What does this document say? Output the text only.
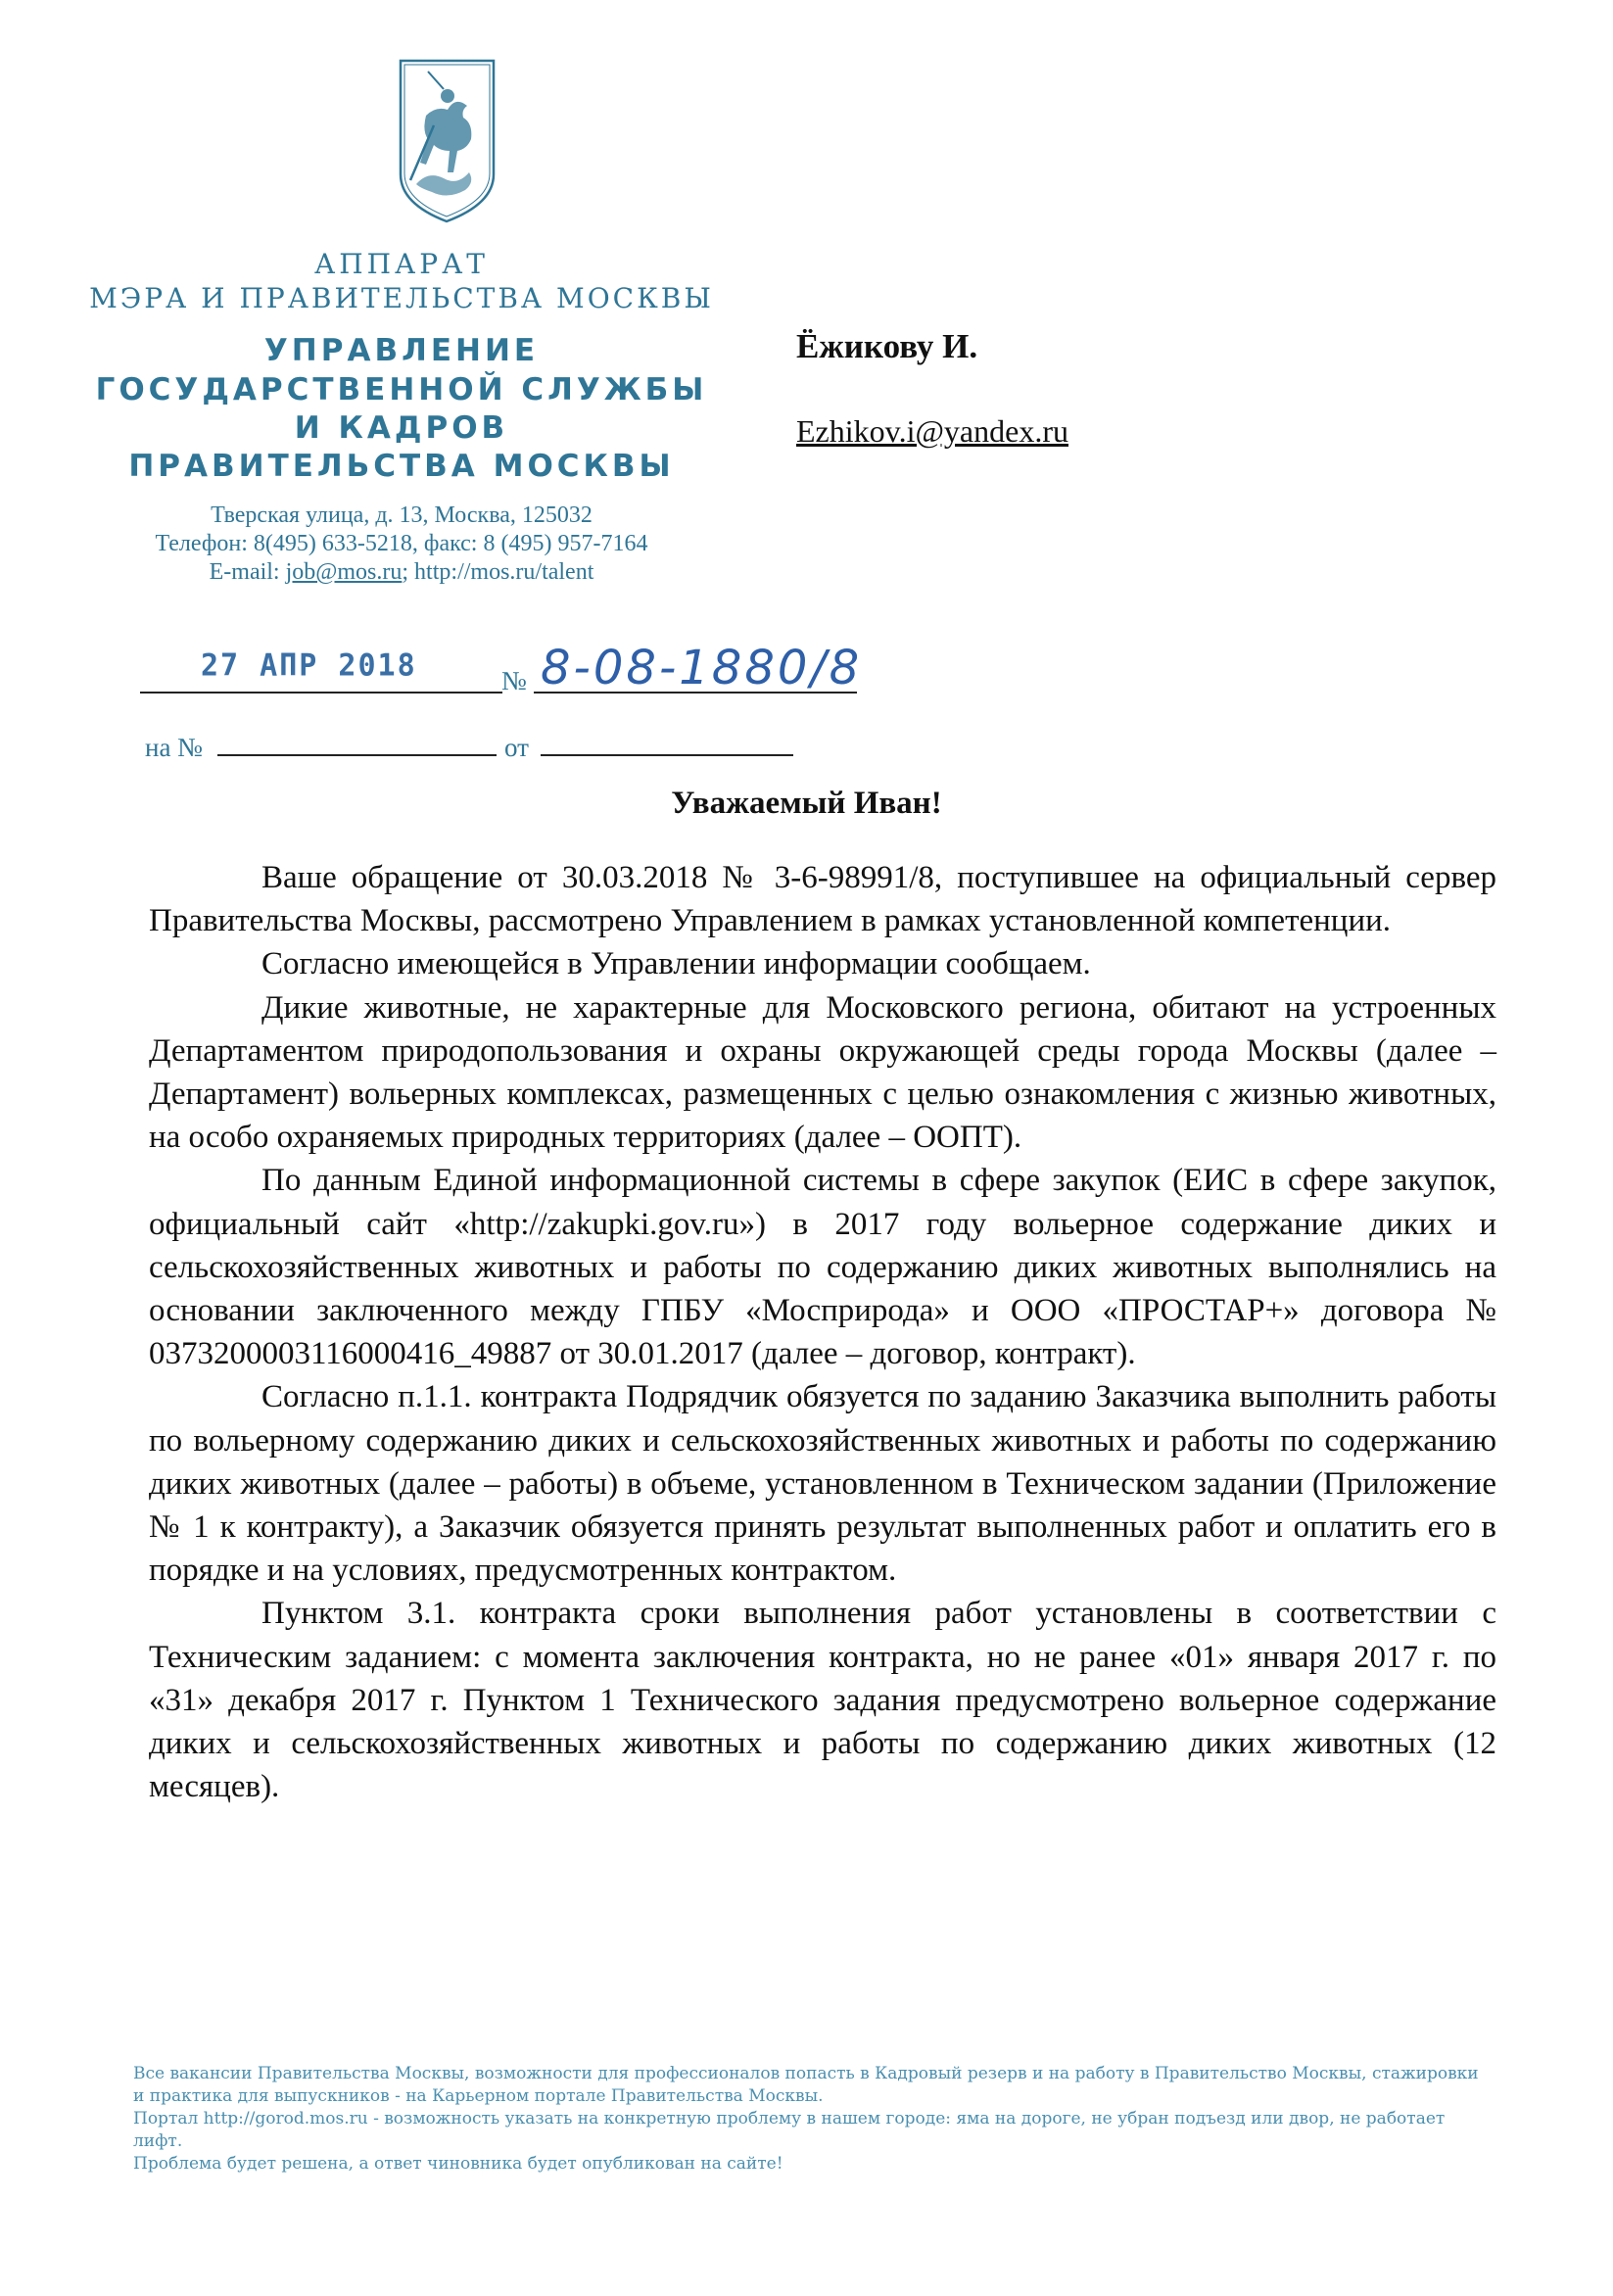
АППАРАТ
МЭРА И ПРАВИТЕЛЬСТВА МОСКВЫ
УПРАВЛЕНИЕ
ГОСУДАРСТВЕННОЙ СЛУЖБЫ
И КАДРОВ
ПРАВИТЕЛЬСТВА МОСКВЫ
Тверская улица, д. 13, Москва, 125032
Телефон: 8(495) 633-5218, факс: 8 (495) 957-7164
E-mail: job@mos.ru; http://mos.ru/talent
Ёжикову И.
Ezhikov.i@yandex.ru
27 АПР 2018	№ 8-08-1880/8
на №	от
Уважаемый Иван!

Ваше обращение от 30.03.2018 № 3-6-98991/8, поступившее на официальный сервер Правительства Москвы, рассмотрено Управлением в рамках установленной компетенции.

Согласно имеющейся в Управлении информации сообщаем.

Дикие животные, не характерные для Московского региона, обитают на устроенных Департаментом природопользования и охраны окружающей среды города Москвы (далее – Департамент) вольерных комплексах, размещенных с целью ознакомления с жизнью животных, на особо охраняемых природных территориях (далее – ООПТ).

По данным Единой информационной системы в сфере закупок (ЕИС в сфере закупок, официальный сайт «http://zakupki.gov.ru») в 2017 году вольерное содержание диких и сельскохозяйственных животных и работы по содержанию диких животных выполнялись на основании заключенного между ГПБУ «Мосприрода» и ООО «ПРОСТАР+» договора № 0373200003116000416_49887 от 30.01.2017 (далее – договор, контракт).

Согласно п.1.1. контракта Подрядчик обязуется по заданию Заказчика выполнить работы по вольерному содержанию диких и сельскохозяйственных животных и работы по содержанию диких животных (далее – работы) в объеме, установленном в Техническом задании (Приложение № 1 к контракту), а Заказчик обязуется принять результат выполненных работ и оплатить его в порядке и на условиях, предусмотренных контрактом.

Пунктом 3.1. контракта сроки выполнения работ установлены в соответствии с Техническим заданием: с момента заключения контракта, но не ранее «01» января 2017 г. по «31» декабря 2017 г. Пунктом 1 Технического задания предусмотрено вольерное содержание диких и сельскохозяйственных животных и работы по содержанию диких животных (12 месяцев).

Все вакансии Правительства Москвы, возможности для профессионалов попасть в Кадровый резерв и на работу в Правительство Москвы, стажировки
и практика для выпускников - на Карьерном портале Правительства Москвы.
Портал http://gorod.mos.ru - возможность указать на конкретную проблему в нашем городе: яма на дороге, не убран подъезд или двор, не работает лифт.
Проблема будет решена, а ответ чиновника будет опубликован на сайте!
